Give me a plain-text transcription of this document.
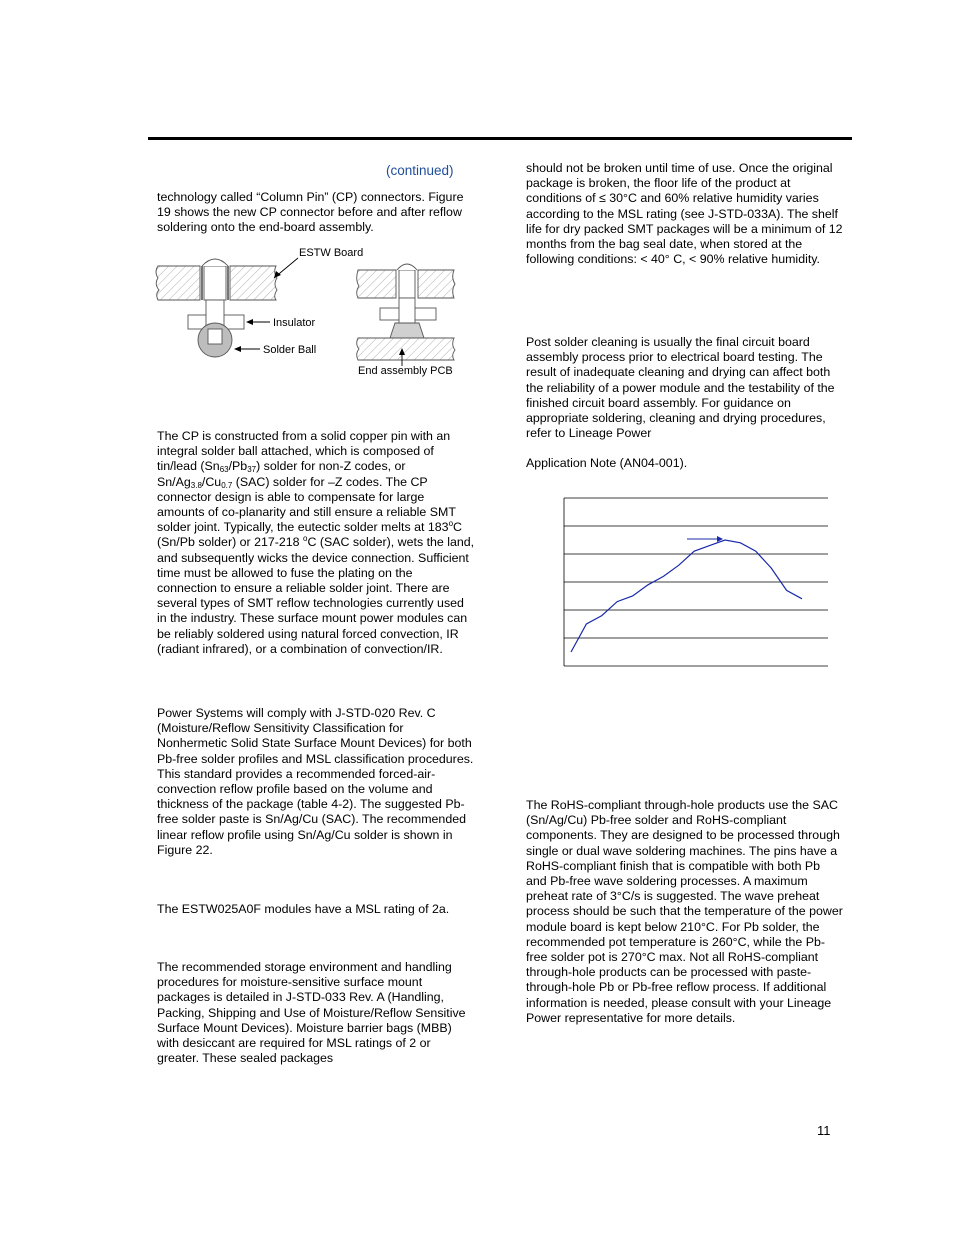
(continued)

technology called “Column Pin” (CP) connectors. Figure 19 shows the new CP connector before and after reflow soldering onto the end-board assembly.

ESTW Board
Insulator
Solder Ball
End assembly PCB

The CP is constructed from a solid copper pin with an integral solder ball attached, which is composed of tin/lead $(Sn_{63}/Pb_{37})$ solder for non-Z codes, or $Sn/Ag_{3.8}/Cu_{0.7}$ (SAC) solder for –Z codes. The CP connector design is able to compensate for large amounts of co-planarity and still ensure a reliable SMT solder joint. Typically, the eutectic solder melts at 183$^o$C (Sn/Pb solder) or 217-218 $^o$C (SAC solder), wets the land, and subsequently wicks the device connection. Sufficient time must be allowed to fuse the plating on the connection to ensure a reliable solder joint. There are several types of SMT reflow technologies currently used in the industry. These surface mount power modules can be reliably soldered using natural forced convection, IR (radiant infrared), or a combination of convection/IR.

Power Systems will comply with J-STD-020 Rev. C (Moisture/Reflow Sensitivity Classification for Nonhermetic Solid State Surface Mount Devices) for both Pb-free solder profiles and MSL classification procedures. This standard provides a recommended forced-air-convection reflow profile based on the volume and thickness of the package (table 4-2). The suggested Pb-free solder paste is Sn/Ag/Cu (SAC). The recommended linear reflow profile using Sn/Ag/Cu solder is shown in Figure 22.

The ESTW025A0F modules have a MSL rating of 2a.

The recommended storage environment and handling procedures for moisture-sensitive surface mount packages is detailed in J-STD-033 Rev. A (Handling, Packing, Shipping and Use of Moisture/Reflow Sensitive Surface Mount Devices). Moisture barrier bags (MBB) with desiccant are required for MSL ratings of 2 or greater. These sealed packages

should not be broken until time of use. Once the original package is broken, the floor life of the product at conditions of ≤ 30°C and 60% relative humidity varies according to the MSL rating (see J-STD-033A). The shelf life for dry packed SMT packages will be a minimum of 12 months from the bag seal date, when stored at the following conditions: < 40° C, < 90% relative humidity.

Post solder cleaning is usually the final circuit board assembly process prior to electrical board testing. The result of inadequate cleaning and drying can affect both the reliability of a power module and the testability of the finished circuit board assembly. For guidance on appropriate soldering, cleaning and drying procedures, refer to Lineage Power

Application Note (AN04-001).

The RoHS-compliant through-hole products use the SAC (Sn/Ag/Cu) Pb-free solder and RoHS-compliant components. They are designed to be processed through single or dual wave soldering machines. The pins have a RoHS-compliant finish that is compatible with both Pb and Pb-free wave soldering processes. A maximum preheat rate of 3°C/s is suggested. The wave preheat process should be such that the temperature of the power module board is kept below 210°C. For Pb solder, the recommended pot temperature is 260°C, while the Pb-free solder pot is 270°C max. Not all RoHS-compliant through-hole products can be processed with paste-through-hole Pb or Pb-free reflow process. If additional information is needed, please consult with your Lineage Power representative for more details.

11
